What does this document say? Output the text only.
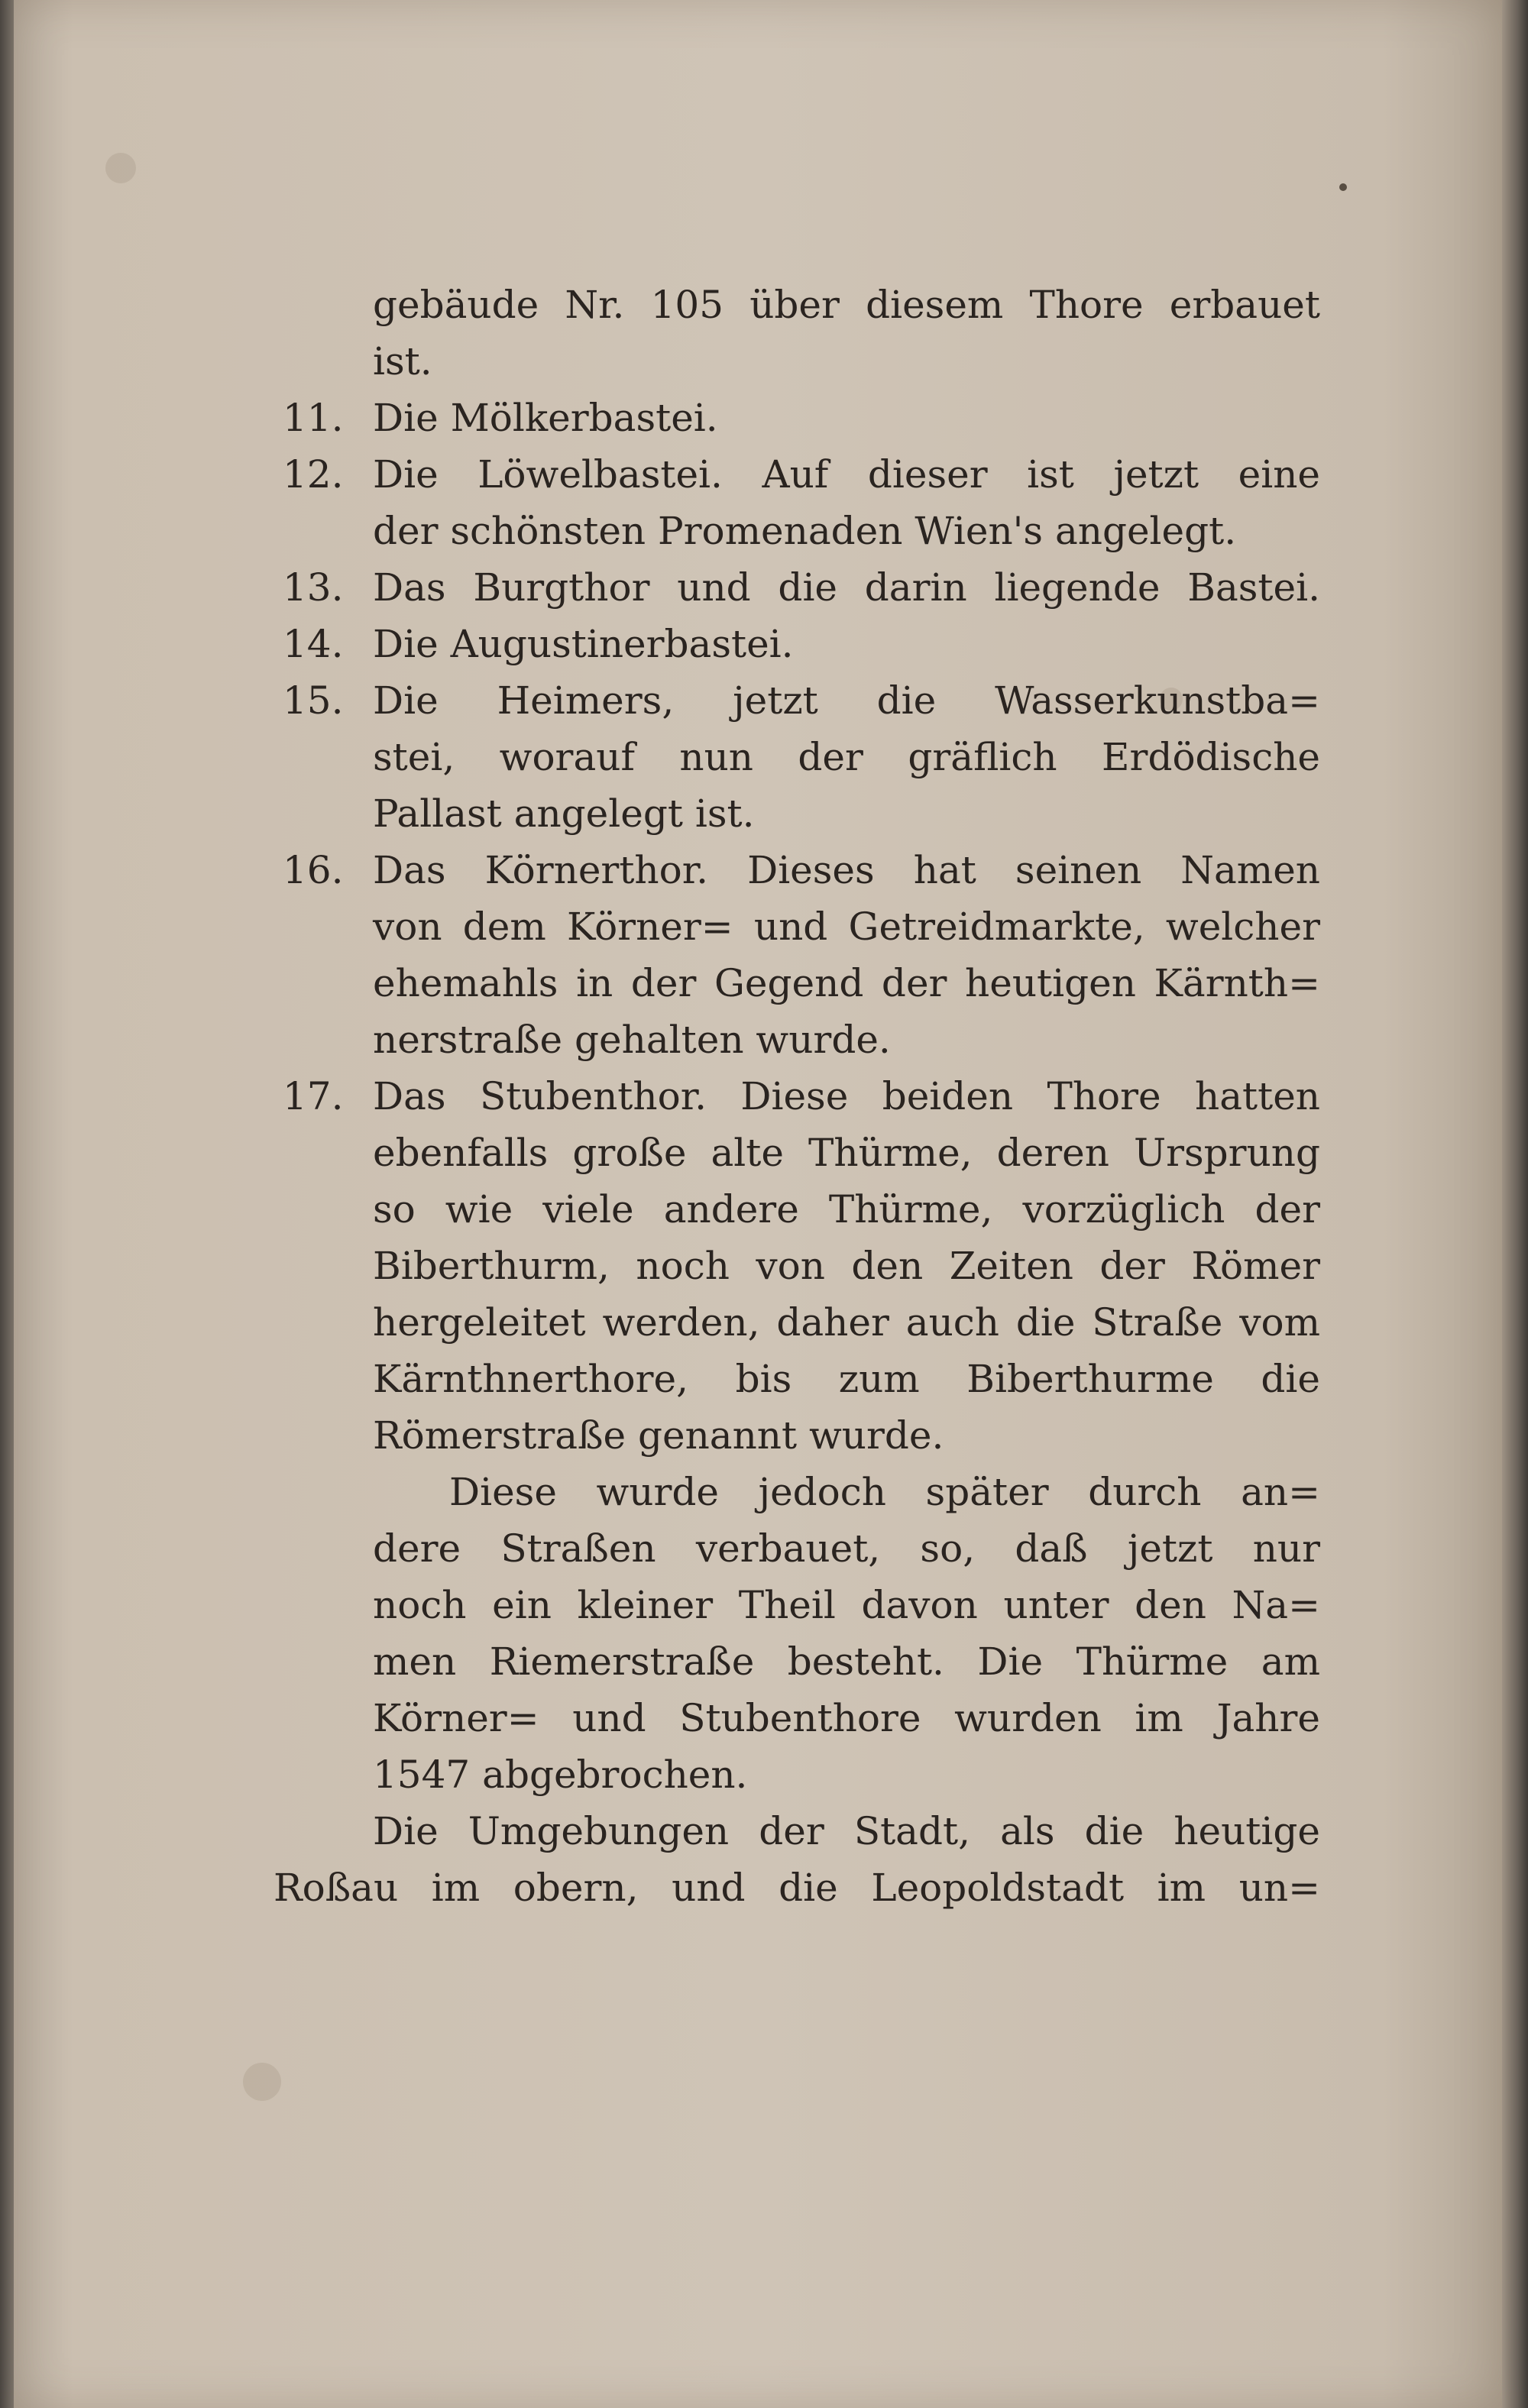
gebäude Nr. 105 über diesem Thore erbauet
ist.
11. Die Mölkerbastei.
12. Die Löwelbastei. Auf dieser ist jetzt eine
der schönsten Promenaden Wien's angelegt.
13. Das Burgthor und die darin liegende Bastei.
14. Die Augustinerbastei.
15. Die Heimers, jetzt die Wasserkunstba=
stei, worauf nun der gräflich Erdödische
Pallast angelegt ist.
16. Das Körnerthor. Dieses hat seinen Namen
von dem Körner= und Getreidmarkte, welcher
ehemahls in der Gegend der heutigen Kärnth=
nerstraße gehalten wurde.
17. Das Stubenthor. Diese beiden Thore hatten
ebenfalls große alte Thürme, deren Ursprung
so wie viele andere Thürme, vorzüglich der
Biberthurm, noch von den Zeiten der Römer
hergeleitet werden, daher auch die Straße vom
Kärnthnerthore, bis zum Biberthurme die
Römerstraße genannt wurde.
Diese wurde jedoch später durch an=
dere Straßen verbauet, so, daß jetzt nur
noch ein kleiner Theil davon unter den Na=
men Riemerstraße besteht. Die Thürme am
Körner= und Stubenthore wurden im Jahre
1547 abgebrochen.
Die Umgebungen der Stadt, als die heutige
Roßau im obern, und die Leopoldstadt im un=
